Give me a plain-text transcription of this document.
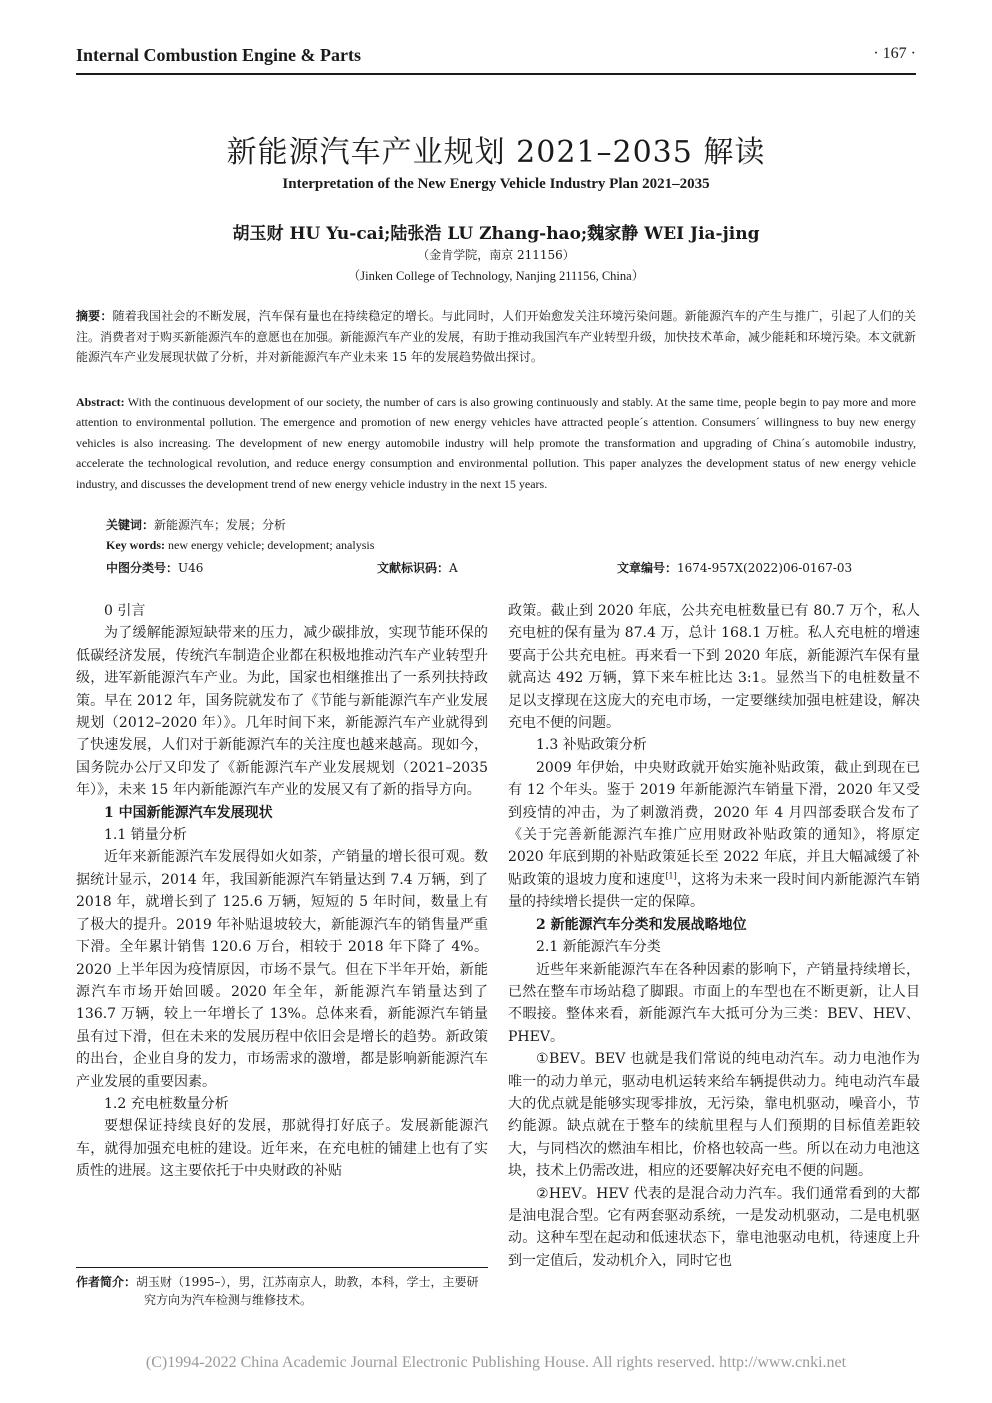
Internal Combustion Engine & Parts	· 167 ·
新能源汽车产业规划 2021–2035 解读
Interpretation of the New Energy Vehicle Industry Plan 2021–2035
胡玉财 HU Yu-cai;陆张浩 LU Zhang-hao;魏家静 WEI Jia-jing
（金肯学院，南京 211156）
（Jinken College of Technology, Nanjing 211156, China）
摘要：随着我国社会的不断发展，汽车保有量也在持续稳定的增长。与此同时，人们开始愈发关注环境污染问题。新能源汽车的产生与推广，引起了人们的关注。消费者对于购买新能源汽车的意愿也在加强。新能源汽车产业的发展，有助于推动我国汽车产业转型升级，加快技术革命，减少能耗和环境污染。本文就新能源汽车产业发展现状做了分析，并对新能源汽车产业未来 15 年的发展趋势做出探讨。
Abstract: With the continuous development of our society, the number of cars is also growing continuously and stably. At the same time, people begin to pay more and more attention to environmental pollution. The emergence and promotion of new energy vehicles have attracted people´s attention. Consumers´ willingness to buy new energy vehicles is also increasing. The development of new energy automobile industry will help promote the transformation and upgrading of China´s automobile industry, accelerate the technological revolution, and reduce energy consumption and environmental pollution. This paper analyzes the development status of new energy vehicle industry, and discusses the development trend of new energy vehicle industry in the next 15 years.
关键词：新能源汽车；发展；分析
Key words: new energy vehicle; development; analysis
中图分类号：U46	文献标识码：A	文章编号：1674-957X(2022)06-0167-03
0 引言

为了缓解能源短缺带来的压力，减少碳排放，实现节能环保的低碳经济发展，传统汽车制造企业都在积极地推动汽车产业转型升级，进军新能源汽车产业。为此，国家也相继推出了一系列扶持政策。早在 2012 年，国务院就发布了《节能与新能源汽车产业发展规划（2012–2020 年）》。几年时间下来，新能源汽车产业就得到了快速发展，人们对于新能源汽车的关注度也越来越高。现如今，国务院办公厅又印发了《新能源汽车产业发展规划（2021–2035 年）》，未来 15 年内新能源汽车产业的发展又有了新的指导方向。

1 中国新能源汽车发展现状
1.1 销量分析

近年来新能源汽车发展得如火如荼，产销量的增长很可观。数据统计显示，2014 年，我国新能源汽车销量达到 7.4 万辆，到了 2018 年，就增长到了 125.6 万辆，短短的 5 年时间，数量上有了极大的提升。2019 年补贴退坡较大，新能源汽车的销售量严重下滑。全年累计销售 120.6 万台，相较于 2018 年下降了 4%。2020 上半年因为疫情原因，市场不景气。但在下半年开始，新能源汽车市场开始回暖。2020 年全年，新能源汽车销量达到了 136.7 万辆，较上一年增长了 13%。总体来看，新能源汽车销量虽有过下滑，但在未来的发展历程中依旧会是增长的趋势。新政策的出台，企业自身的发力，市场需求的激增，都是影响新能源汽车产业发展的重要因素。

1.2 充电桩数量分析

要想保证持续良好的发展，那就得打好底子。发展新能源汽车，就得加强充电桩的建设。近年来，在充电桩的铺建上也有了实质性的进展。这主要依托于中央财政的补贴

作者简介：胡玉财（1995–），男，江苏南京人，助教，本科，学士，主要研究方向为汽车检测与维修技术。

政策。截止到 2020 年底，公共充电桩数量已有 80.7 万个，私人充电桩的保有量为 87.4 万，总计 168.1 万桩。私人充电桩的增速要高于公共充电桩。再来看一下到 2020 年底，新能源汽车保有量就高达 492 万辆，算下来车桩比达 3:1。显然当下的电桩数量不足以支撑现在这庞大的充电市场，一定要继续加强电桩建设，解决充电不便的问题。

1.3 补贴政策分析

2009 年伊始，中央财政就开始实施补贴政策，截止到现在已有 12 个年头。鉴于 2019 年新能源汽车销量下滑，2020 年又受到疫情的冲击，为了刺激消费，2020 年 4 月四部委联合发布了《关于完善新能源汽车推广应用财政补贴政策的通知》，将原定 2020 年底到期的补贴政策延长至 2022 年底，并且大幅减缓了补贴政策的退坡力度和速度[1]，这将为未来一段时间内新能源汽车销量的持续增长提供一定的保障。

2 新能源汽车分类和发展战略地位
2.1 新能源汽车分类

近些年来新能源汽车在各种因素的影响下，产销量持续增长，已然在整车市场站稳了脚跟。市面上的车型也在不断更新，让人目不暇接。整体来看，新能源汽车大抵可分为三类：BEV、HEV、PHEV。

①BEV。BEV 也就是我们常说的纯电动汽车。动力电池作为唯一的动力单元，驱动电机运转来给车辆提供动力。纯电动汽车最大的优点就是能够实现零排放，无污染，靠电机驱动，噪音小，节约能源。缺点就在于整车的续航里程与人们预期的目标值差距较大，与同档次的燃油车相比，价格也较高一些。所以在动力电池这块，技术上仍需改进，相应的还要解决好充电不便的问题。

②HEV。HEV 代表的是混合动力汽车。我们通常看到的大都是油电混合型。它有两套驱动系统，一是发动机驱动，二是电机驱动。这种车型在起动和低速状态下，靠电池驱动电机，待速度上升到一定值后，发动机介入，同时它也

(C)1994-2022 China Academic Journal Electronic Publishing House. All rights reserved. http://www.cnki.net
